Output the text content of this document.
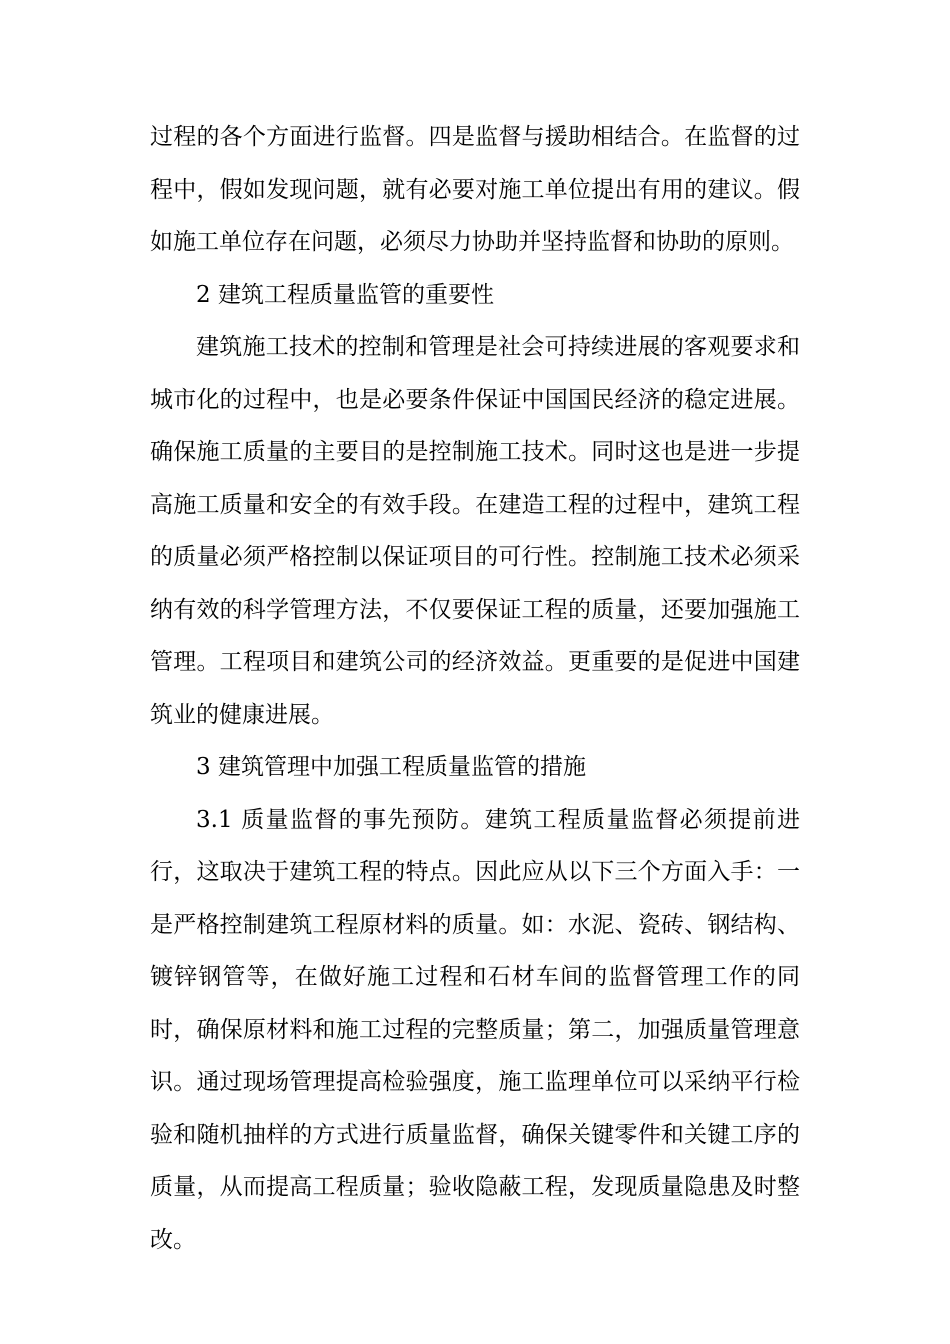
过程的各个方面进行监督。四是监督与援助相结合。在监督的过程中，假如发现问题，就有必要对施工单位提出有用的建议。假如施工单位存在问题，必须尽力协助并坚持监督和协助的原则。

2 建筑工程质量监管的重要性

建筑施工技术的控制和管理是社会可持续进展的客观要求和城市化的过程中，也是必要条件保证中国国民经济的稳定进展。确保施工质量的主要目的是控制施工技术。同时这也是进一步提高施工质量和安全的有效手段。在建造工程的过程中，建筑工程的质量必须严格控制以保证项目的可行性。控制施工技术必须采纳有效的科学管理方法，不仅要保证工程的质量，还要加强施工管理。工程项目和建筑公司的经济效益。更重要的是促进中国建筑业的健康进展。

3 建筑管理中加强工程质量监管的措施

3.1 质量监督的事先预防。建筑工程质量监督必须提前进行，这取决于建筑工程的特点。因此应从以下三个方面入手：一是严格控制建筑工程原材料的质量。如：水泥、瓷砖、钢结构、镀锌钢管等，在做好施工过程和石材车间的监督管理工作的同时，确保原材料和施工过程的完整质量；第二，加强质量管理意识。通过现场管理提高检验强度，施工监理单位可以采纳平行检验和随机抽样的方式进行质量监督，确保关键零件和关键工序的质量，从而提高工程质量；验收隐蔽工程，发现质量隐患及时整改。
